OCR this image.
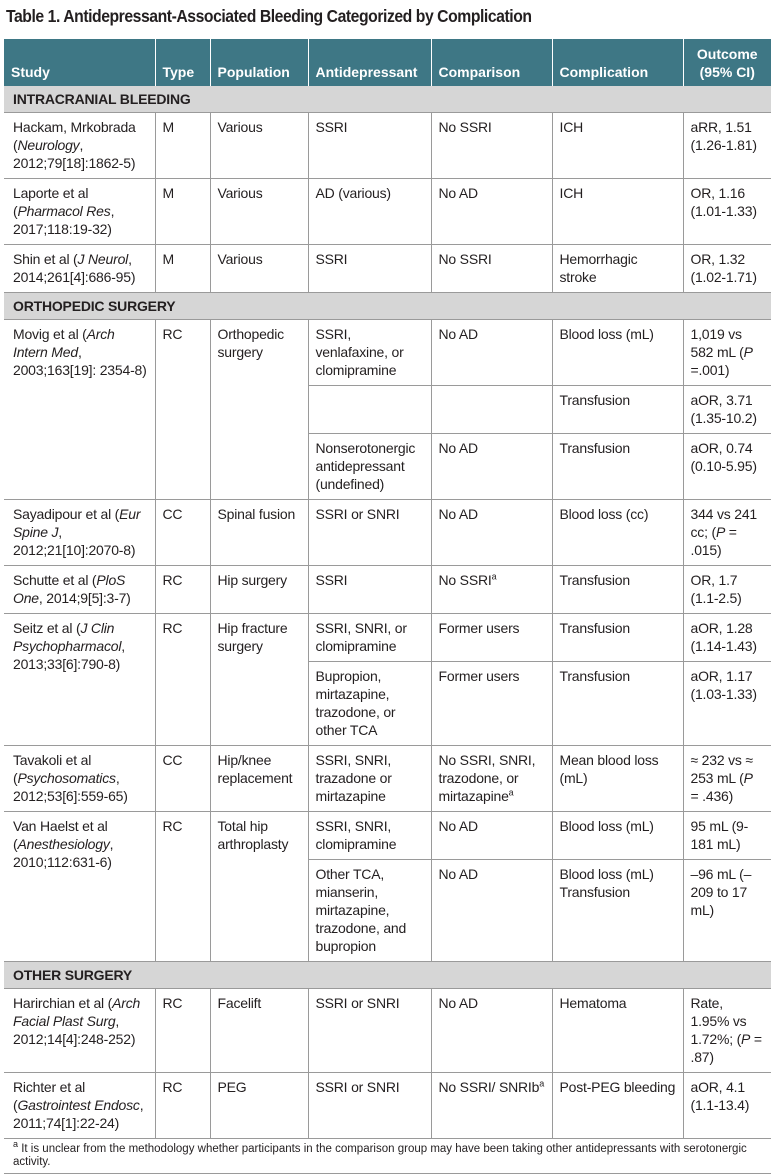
Table 1. Antidepressant-Associated Bleeding Categorized by Complication
Study	Type	Population	Antidepressant	Comparison	Complication	Outcome
(95% CI)
INTRACRANIAL BLEEDING						
Hackam, Mrkobrada (Neurology, 2012;79[18]:1862-5)	M	Various	SSRI	No SSRI	ICH	aRR, 1.51 (1.26-1.81)
Laporte et al (Pharmacol Res, 2017;118:19-32)	M	Various	AD (various)	No AD	ICH	OR, 1.16 (1.01-1.33)
Shin et al (J Neurol, 2014;261[4]:686-95)	M	Various	SSRI	No SSRI	Hemorrhagic stroke	OR, 1.32 (1.02-1.71)
ORTHOPEDIC SURGERY						
Movig et al (Arch Intern Med, 2003;163[19]: 2354-8)	RC	Orthopedic surgery	SSRI, venlafaxine, or clomipramine	No AD	Blood loss (mL)	1,019 vs 582 mL (P =.001)
					Transfusion	aOR, 3.71 (1.35-10.2)
			Nonserotonergic antidepressant (undefined)	No AD	Transfusion	aOR, 0.74 (0.10-5.95)
Sayadipour et al (Eur Spine J, 2012;21[10]:2070-8)	CC	Spinal fusion	SSRI or SNRI	No AD	Blood loss (cc)	344 vs 241 cc; (P = .015)
Schutte et al (PloS One, 2014;9[5]:3-7)	RC	Hip surgery	SSRI	No SSRI$^a$	Transfusion	OR, 1.7 (1.1-2.5)
Seitz et al (J Clin Psychopharmacol, 2013;33[6]:790-8)	RC	Hip fracture surgery	SSRI, SNRI, or clomipramine	Former users	Transfusion	aOR, 1.28 (1.14-1.43)
			Bupropion, mirtazapine, trazodone, or other TCA	Former users	Transfusion	aOR, 1.17 (1.03-1.33)
Tavakoli et al (Psychosomatics, 2012;53[6]:559-65)	CC	Hip/knee replacement	SSRI, SNRI, trazadone or mirtazapine	No SSRI, SNRI, trazodone, or mirtazapine$^a$	Mean blood loss (mL)	≈ 232 vs ≈ 253 mL (P = .436)
Van Haelst et al (Anesthesiology, 2010;112:631-6)	RC	Total hip arthroplasty	SSRI, SNRI, clomipramine	No AD	Blood loss (mL)	95 mL (9-181 mL)
			Other TCA, mianserin, mirtazapine, trazodone, and bupropion	No AD	Blood loss (mL) Transfusion	–96 mL (–209 to 17 mL)
OTHER SURGERY						
Harirchian et al (Arch Facial Plast Surg, 2012;14[4]:248-252)	RC	Facelift	SSRI or SNRI	No AD	Hematoma	Rate, 1.95% vs 1.72%; (P = .87)
Richter et al (Gastrointest Endosc, 2011;74[1]:22-24)	RC	PEG	SSRI or SNRI	No SSRI/ SNRIb$^a$	Post-PEG bleeding	aOR, 4.1 (1.1-13.4)
$^a$ It is unclear from the methodology whether participants in the comparison group may have been taking other antidepressants with serotonergic activity.						
